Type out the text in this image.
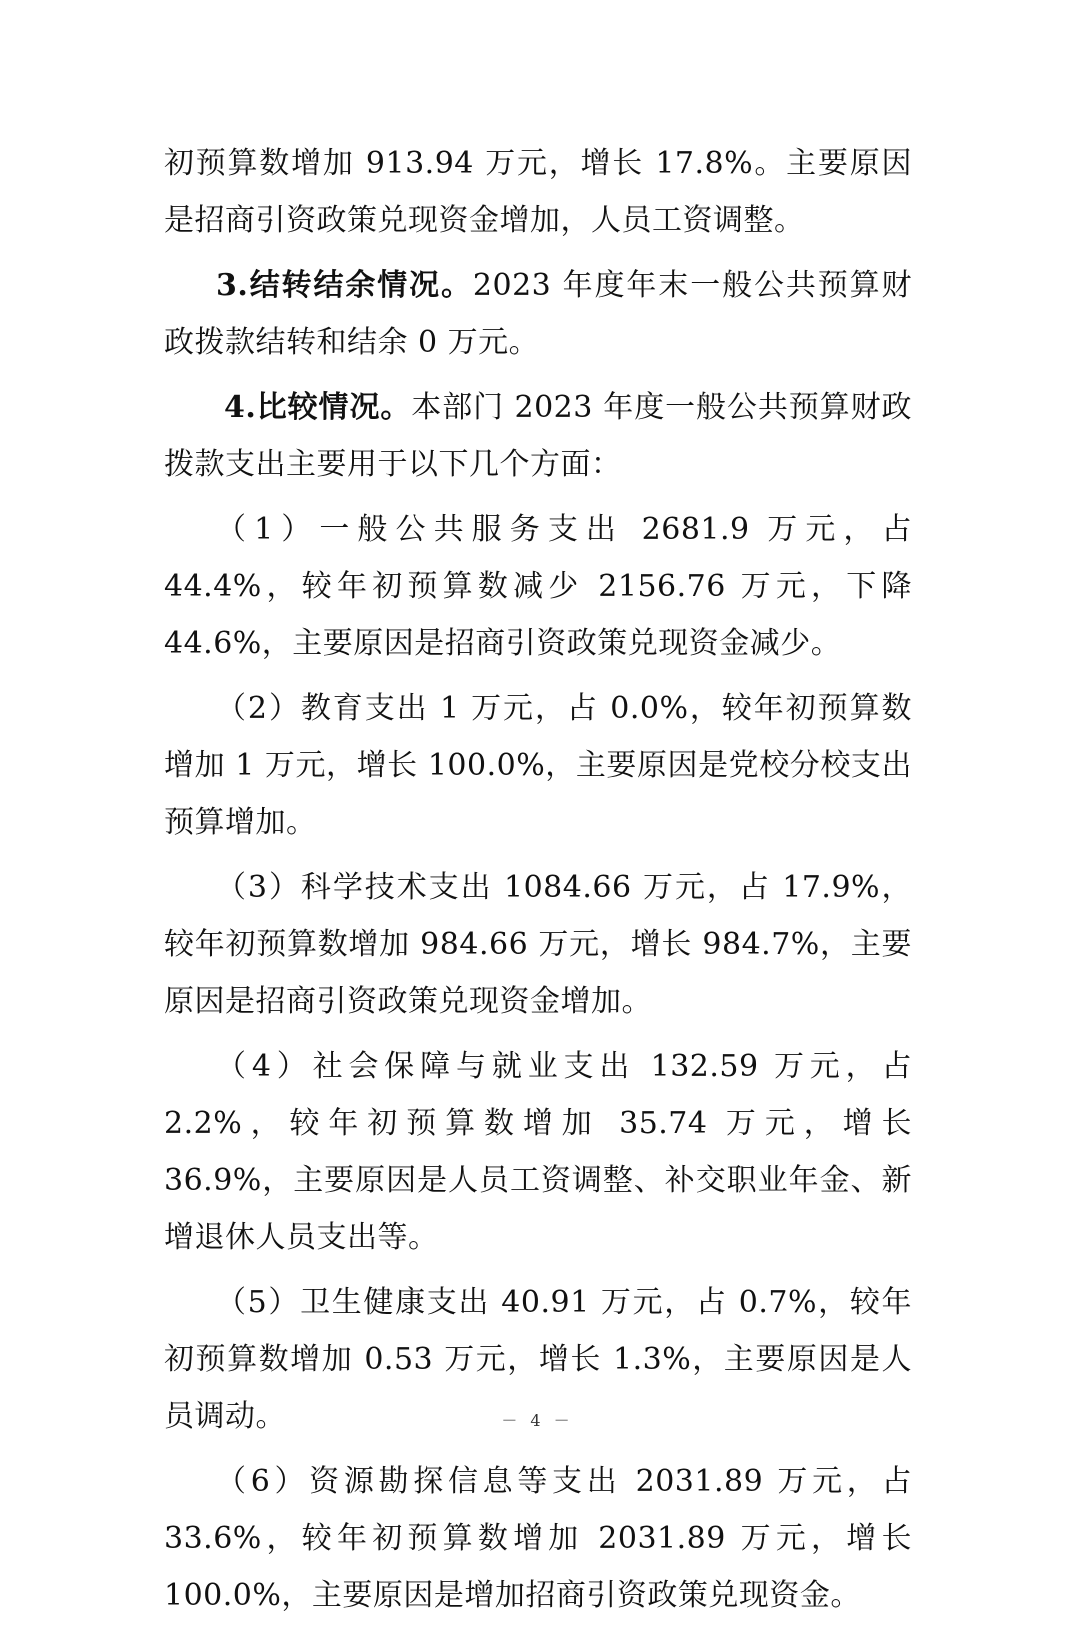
初预算数增加 913.94 万元，增长 17.8%。主要原因是招商引资政策兑现资金增加，人员工资调整。

3.结转结余情况。2023 年度年末一般公共预算财政拨款结转和结余 0 万元。

4.比较情况。本部门 2023 年度一般公共预算财政拨款支出主要用于以下几个方面：

（1）一般公共服务支出 2681.9 万元，占 44.4%，较年初预算数减少 2156.76 万元，下降 44.6%，主要原因是招商引资政策兑现资金减少。

（2）教育支出 1 万元，占 0.0%，较年初预算数增加 1 万元，增长 100.0%，主要原因是党校分校支出预算增加。

（3）科学技术支出 1084.66 万元，占 17.9%，较年初预算数增加 984.66 万元，增长 984.7%，主要原因是招商引资政策兑现资金增加。

（4）社会保障与就业支出 132.59 万元，占 2.2%，较年初预算数增加 35.74 万元，增长 36.9%，主要原因是人员工资调整、补交职业年金、新增退休人员支出等。

（5）卫生健康支出 40.91 万元，占 0.7%，较年初预算数增加 0.53 万元，增长 1.3%，主要原因是人员调动。

（6）资源勘探信息等支出 2031.89 万元，占 33.6%，较年初预算数增加 2031.89 万元，增长 100.0%，主要原因是增加招商引资政策兑现资金。

－ 4 －
